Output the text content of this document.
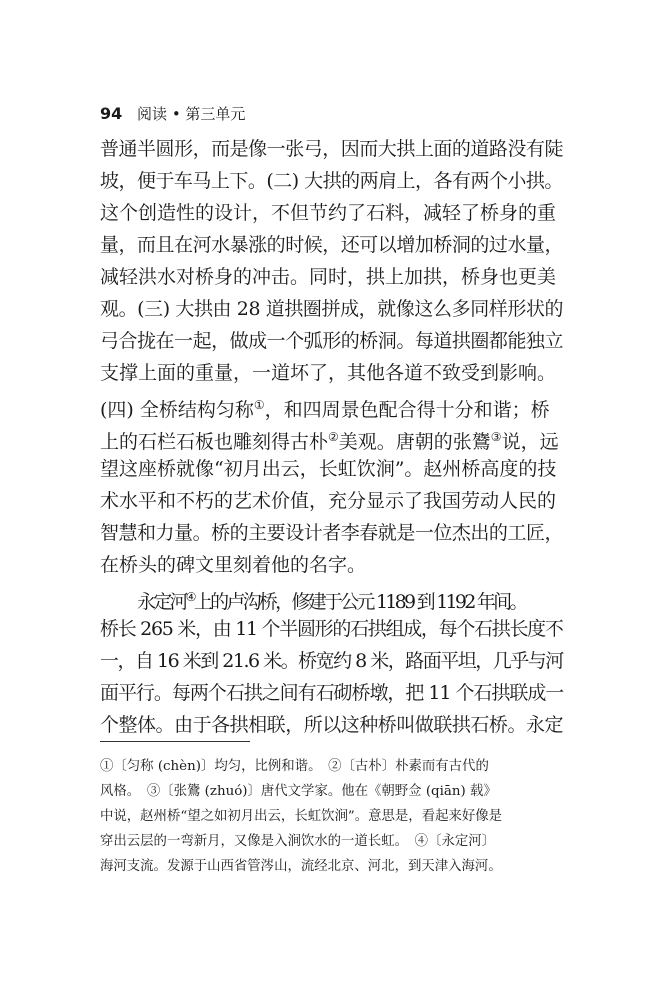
94 阅读 • 第三单元
普通半圆形，而是像一张弓，因而大拱上面的道路没有陡
坡，便于车马上下。(二) 大拱的两肩上，各有两个小拱。
这个创造性的设计，不但节约了石料，减轻了桥身的重
量，而且在河水暴涨的时候，还可以增加桥洞的过水量，
减轻洪水对桥身的冲击。同时，拱上加拱，桥身也更美
观。(三) 大拱由 28 道拱圈拼成，就像这么多同样形状的
弓合拢在一起，做成一个弧形的桥洞。每道拱圈都能独立
支撑上面的重量，一道坏了，其他各道不致受到影响。
(四) 全桥结构匀称①，和四周景色配合得十分和谐；桥
上的石栏石板也雕刻得古朴②美观。唐朝的张鷟③说，远
望这座桥就像“初月出云，长虹饮涧”。赵州桥高度的技
术水平和不朽的艺术价值，充分显示了我国劳动人民的
智慧和力量。桥的主要设计者李春就是一位杰出的工匠，
在桥头的碑文里刻着他的名字。
永定河④上的卢沟桥，修建于公元 1189 到 1192 年间。
桥长 265 米，由 11 个半圆形的石拱组成，每个石拱长度不
一，自 16 米到 21.6 米。桥宽约 8 米，路面平坦，几乎与河
面平行。每两个石拱之间有石砌桥墩，把 11 个石拱联成一
个整体。由于各拱相联，所以这种桥叫做联拱石桥。永定
①〔匀称 (chèn)〕均匀，比例和谐。　②〔古朴〕朴素而有古代的
风格。　③〔张鷟 (zhuó)〕唐代文学家。他在《朝野佥 (qiān) 载》
中说，赵州桥“望之如初月出云，长虹饮涧”。意思是，看起来好像是
穿出云层的一弯新月，又像是入涧饮水的一道长虹。　④〔永定河〕
海河支流。发源于山西省管涔山，流经北京、河北，到天津入海河。
